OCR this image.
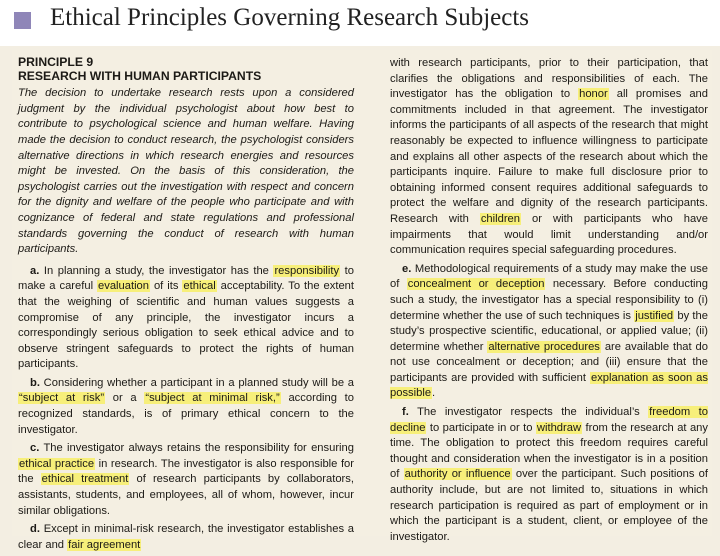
Ethical Principles Governing Research Subjects
PRINCIPLE 9
RESEARCH WITH HUMAN PARTICIPANTS

The decision to undertake research rests upon a considered judgment by the individual psychologist about how best to contribute to psychological science and human welfare. Having made the decision to conduct research, the psychologist considers alternative directions in which research energies and resources might be invested. On the basis of this consideration, the psychologist carries out the investigation with respect and concern for the dignity and welfare of the people who participate and with cognizance of federal and state regulations and professional standards governing the conduct of research with human participants.

a. In planning a study, the investigator has the responsibility to make a careful evaluation of its ethical acceptability. To the extent that the weighing of scientific and human values suggests a compromise of any principle, the investigator incurs a correspondingly serious obligation to seek ethical advice and to observe stringent safeguards to protect the rights of human participants.

b. Considering whether a participant in a planned study will be a “subject at risk” or a “subject at minimal risk,” according to recognized standards, is of primary ethical concern to the investigator.

c. The investigator always retains the responsibility for ensuring ethical practice in research. The investigator is also responsible for the ethical treatment of research participants by collaborators, assistants, students, and employees, all of whom, however, incur similar obligations.

d. Except in minimal-risk research, the investigator establishes a clear and fair agreement

with research participants, prior to their participation, that clarifies the obligations and responsibilities of each. The investigator has the obligation to honor all promises and commitments included in that agreement. The investigator informs the participants of all aspects of the research that might reasonably be expected to influence willingness to participate and explains all other aspects of the research about which the participants inquire. Failure to make full disclosure prior to obtaining informed consent requires additional safeguards to protect the welfare and dignity of the research participants. Research with children or with participants who have impairments that would limit understanding and/or communication requires special safeguarding procedures.

e. Methodological requirements of a study may make the use of concealment or deception necessary. Before conducting such a study, the investigator has a special responsibility to (i) determine whether the use of such techniques is justified by the study’s prospective scientific, educational, or applied value; (ii) determine whether alternative procedures are available that do not use concealment or deception; and (iii) ensure that the participants are provided with sufficient explanation as soon as possible.

f. The investigator respects the individual’s freedom to decline to participate in or to withdraw from the research at any time. The obligation to protect this freedom requires careful thought and consideration when the investigator is in a position of authority or influence over the participant. Such positions of authority include, but are not limited to, situations in which research participation is required as part of employment or in which the participant is a student, client, or employee of the investigator.
